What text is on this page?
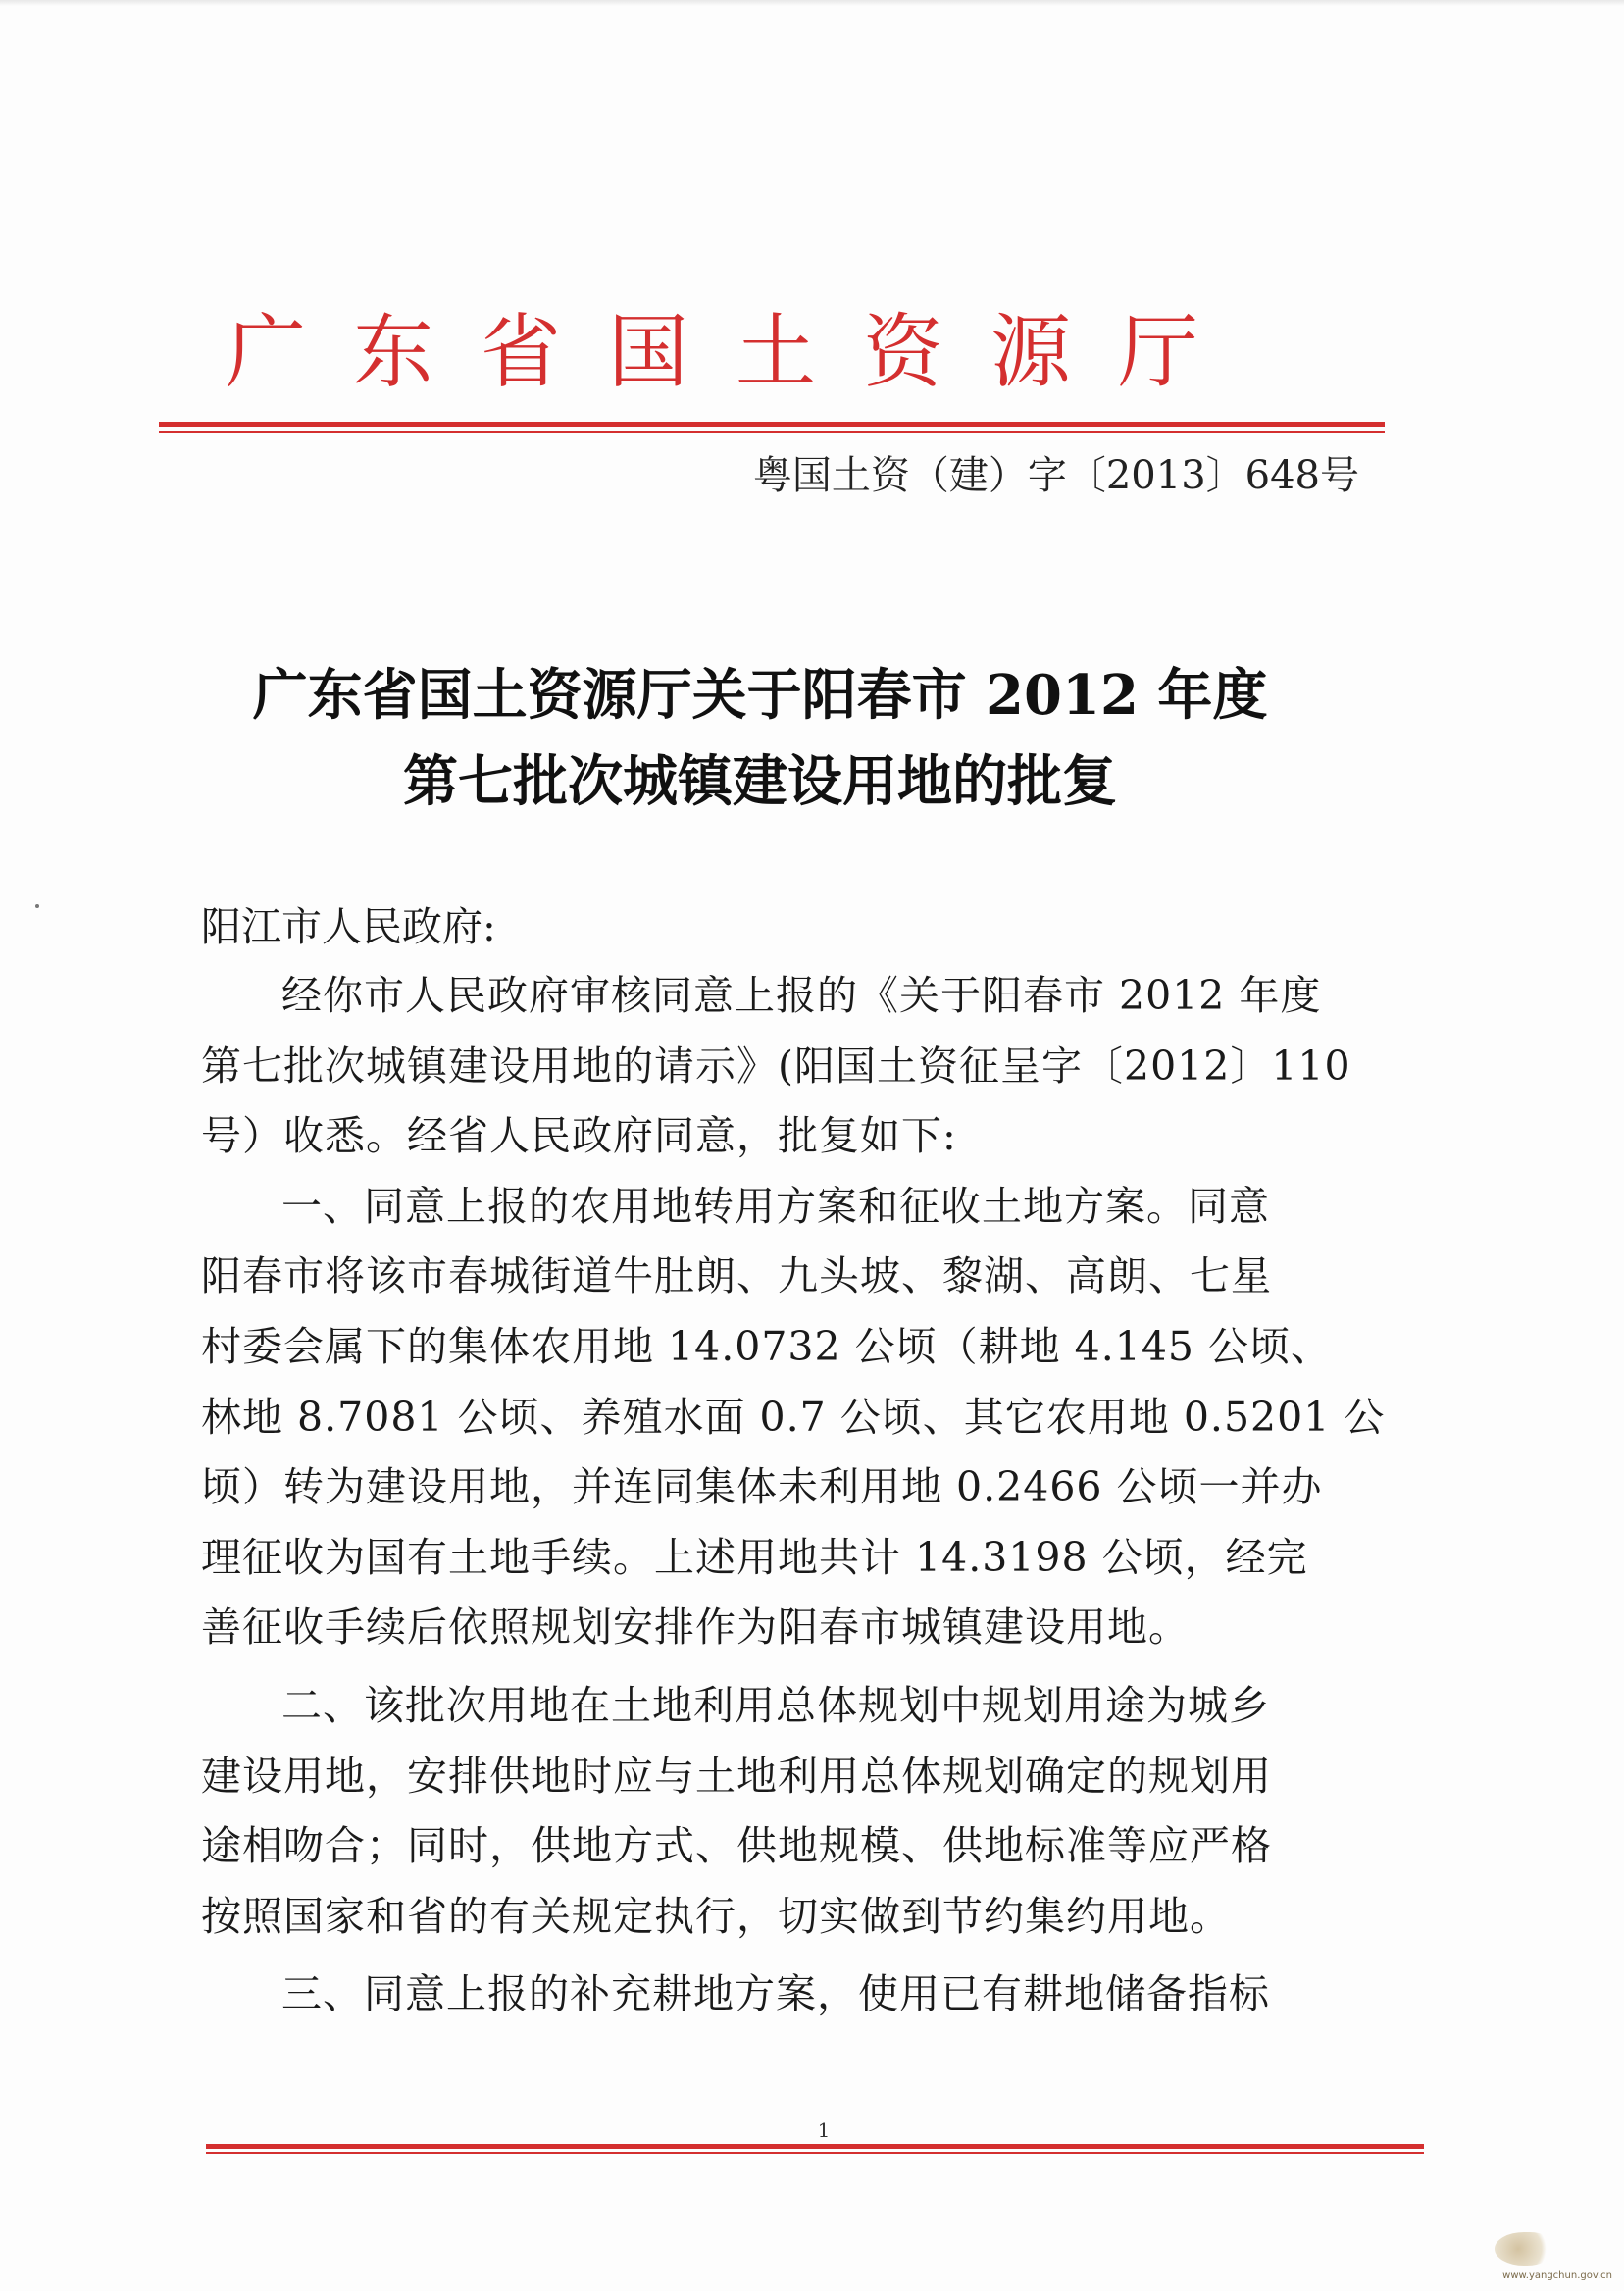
广东省国土资源厅
粤国土资（建）字〔2013〕648号
广东省国土资源厅关于阳春市 2012 年度
第七批次城镇建设用地的批复
阳江市人民政府:
经你市人民政府审核同意上报的《关于阳春市 2012 年度
第七批次城镇建设用地的请示》(阳国土资征呈字〔2012〕110
号）收悉。经省人民政府同意，批复如下:
一、同意上报的农用地转用方案和征收土地方案。同意
阳春市将该市春城街道牛肚朗、九头坡、黎湖、高朗、七星
村委会属下的集体农用地 14.0732 公顷（耕地 4.145 公顷、
林地 8.7081 公顷、养殖水面 0.7 公顷、其它农用地 0.5201 公
顷）转为建设用地，并连同集体未利用地 0.2466 公顷一并办
理征收为国有土地手续。上述用地共计 14.3198 公顷，经完
善征收手续后依照规划安排作为阳春市城镇建设用地。
二、该批次用地在土地利用总体规划中规划用途为城乡
建设用地，安排供地时应与土地利用总体规划确定的规划用
途相吻合；同时，供地方式、供地规模、供地标准等应严格
按照国家和省的有关规定执行，切实做到节约集约用地。
三、同意上报的补充耕地方案，使用已有耕地储备指标
1
www.yangchun.gov.cn
